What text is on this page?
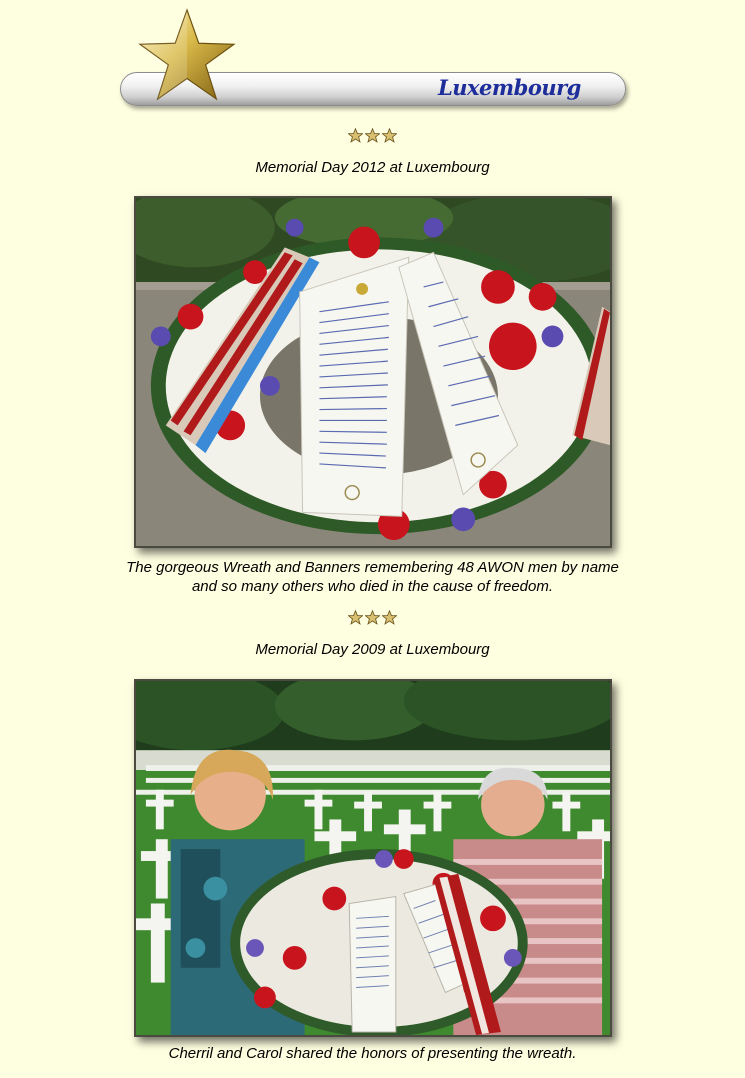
Luxembourg
Memorial Day 2012 at Luxembourg
The gorgeous Wreath and Banners remembering 48 AWON men by name
and so many others who died in the cause of freedom.
Memorial Day 2009 at Luxembourg
Cherril and Carol shared the honors of presenting the wreath.
